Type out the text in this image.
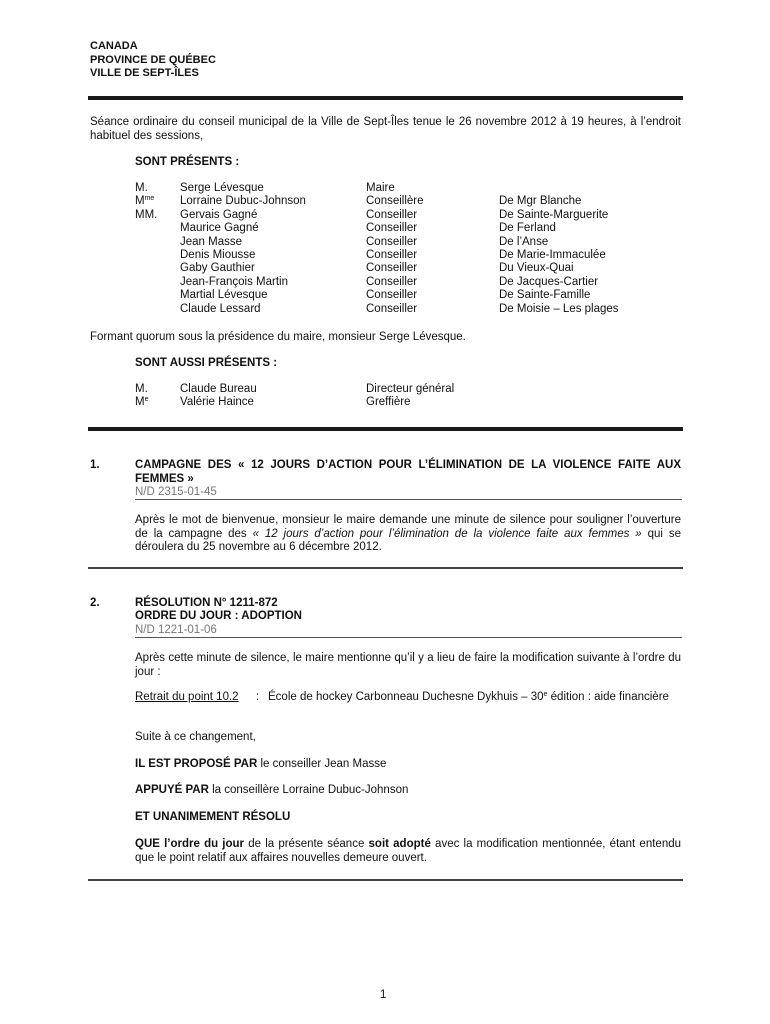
CANADA
PROVINCE DE QUÉBEC
VILLE DE SEPT-ÎLES
Séance ordinaire du conseil municipal de la Ville de Sept-Îles tenue le 26 novembre 2012 à 19 heures, à l’endroit habituel des sessions,
SONT PRÉSENTS :
M.	Serge Lévesque	Maire
$M^{me}$ Lorraine Dubuc-Johnson	Conseillère	De Mgr Blanche
MM. Gervais Gagné	Conseiller	De Sainte-Marguerite
Maurice Gagné	Conseiller	De Ferland
Jean Masse	Conseiller	De l’Anse
Denis Miousse	Conseiller	De Marie-Immaculée
Gaby Gauthier	Conseiller	Du Vieux-Quai
Jean-François Martin	Conseiller	De Jacques-Cartier
Martial Lévesque	Conseiller	De Sainte-Famille
Claude Lessard	Conseiller	De Moisie – Les plages
Formant quorum sous la présidence du maire, monsieur Serge Lévesque.
SONT AUSSI PRÉSENTS :
M.	Claude Bureau	Directeur général
Me	Valérie Haince	Greffière
1.	CAMPAGNE DES « 12 JOURS D’ACTION POUR L’ÉLIMINATION DE LA VIOLENCE FAITE AUX FEMMES »
N/D 2315-01-45
Après le mot de bienvenue, monsieur le maire demande une minute de silence pour souligner l’ouverture de la campagne des « 12 jours d’action pour l’élimination de la violence faite aux femmes » qui se déroulera du 25 novembre au 6 décembre 2012.
2.	RÉSOLUTION N° 1211-872
ORDRE DU JOUR : ADOPTION
N/D 1221-01-06
Après cette minute de silence, le maire mentionne qu’il y a lieu de faire la modification suivante à l’ordre du jour :
Retrait du point 10.2 : École de hockey Carbonneau Duchesne Dykhuis – 30e édition : aide financière
Suite à ce changement,
IL EST PROPOSÉ PAR le conseiller Jean Masse
APPUYÉ PAR la conseillère Lorraine Dubuc-Johnson
ET UNANIMEMENT RÉSOLU
QUE l’ordre du jour de la présente séance soit adopté avec la modification mentionnée, étant entendu que le point relatif aux affaires nouvelles demeure ouvert.
1
